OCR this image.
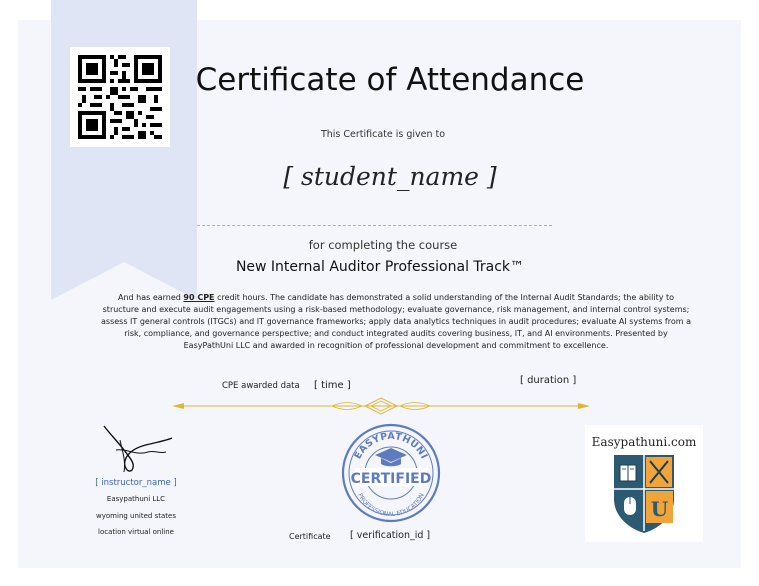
Certificate of Attendance
This Certificate is given to
[ student_name ]
for completing the course
New Internal Auditor Professional Track™
And has earned 90 CPE credit hours. The candidate has demonstrated a solid understanding of the Internal Audit Standards; the ability to structure and execute audit engagements using a risk-based methodology; evaluate governance, risk management, and internal control systems; assess IT general controls (ITGCs) and IT governance frameworks; apply data analytics techniques in audit procedures; evaluate AI systems from a risk, compliance, and governance perspective; and conduct integrated audits covering business, IT, and AI environments. Presented by EasyPathUni LLC and awarded in recognition of professional development and commitment to excellence.
CPE awarded data [ time ]	[ duration ]
[ instructor_name ]
Easypathuni LLC
wyoming united states
location virtual online
EASYPATHUNI
CERTIFIED
PROFESSIONAL EDUCATION
Certificate [ verification_id ]
Easypathuni.com
U
